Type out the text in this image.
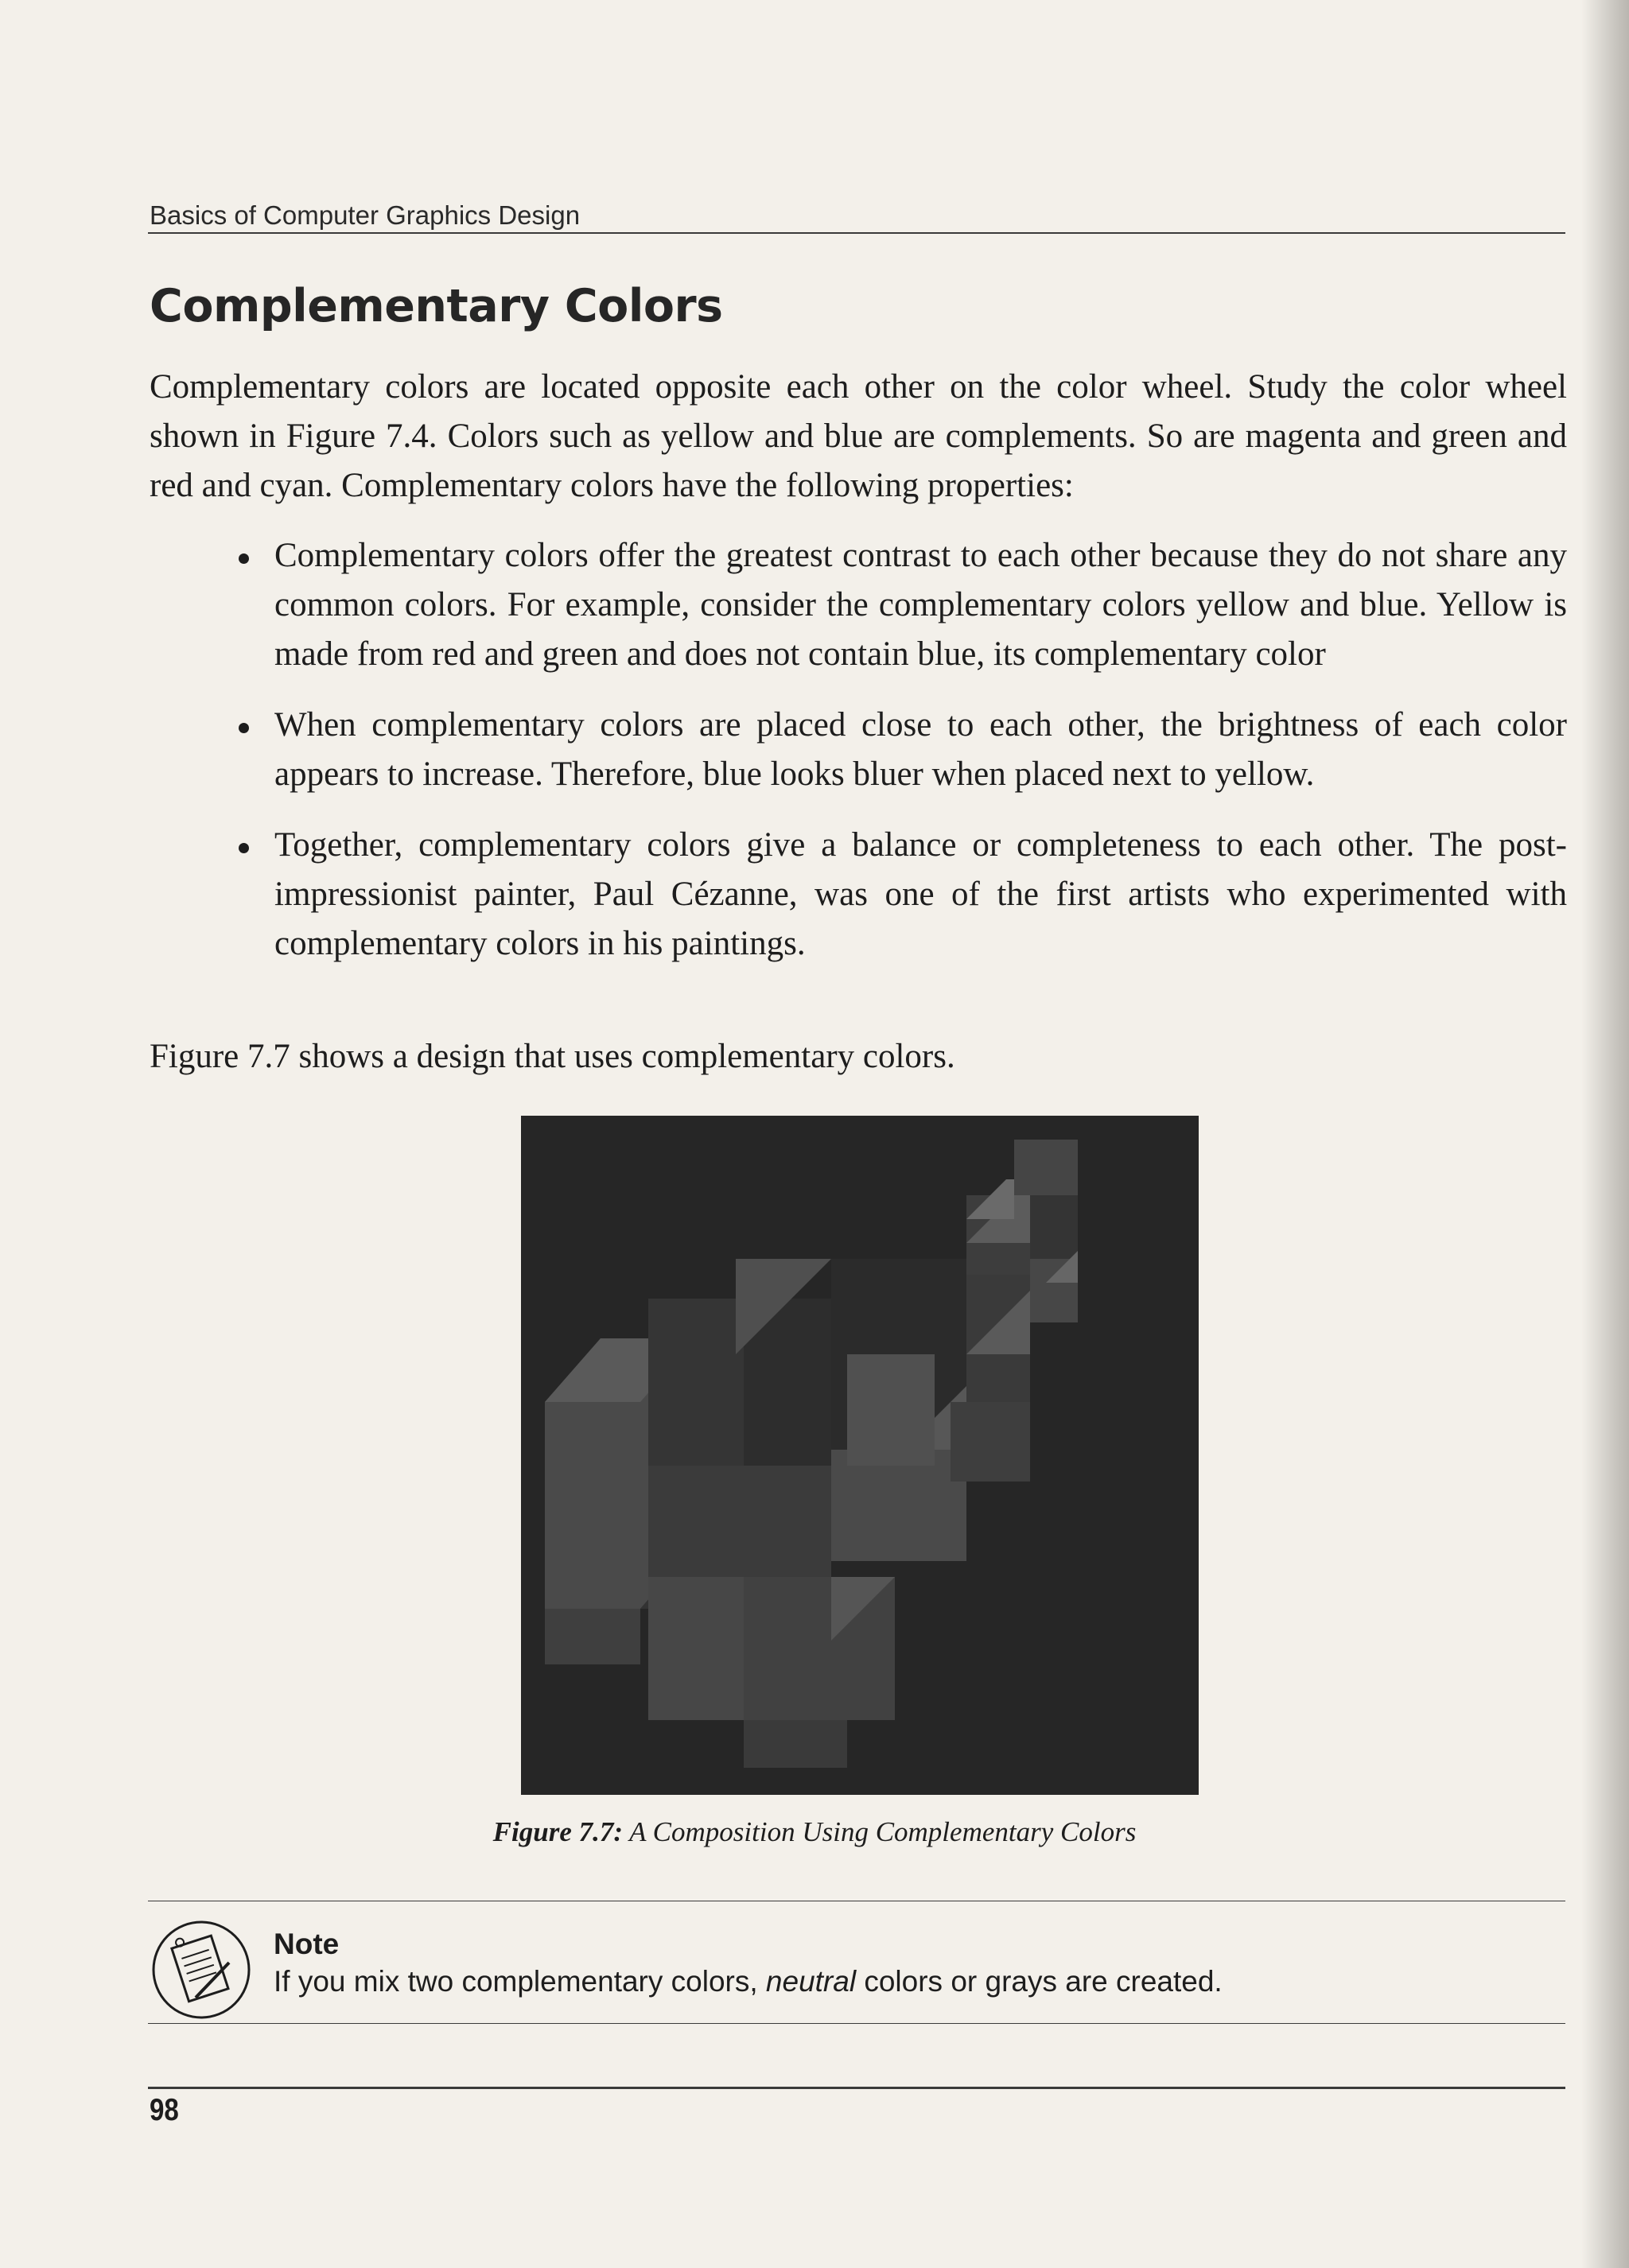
Basics of Computer Graphics Design
Complementary Colors

Complementary colors are located opposite each other on the color wheel. Study the color wheel shown in Figure 7.4. Colors such as yellow and blue are complements. So are magenta and green and red and cyan. Complementary colors have the following properties:

Complementary colors offer the greatest contrast to each other because they do not share any common colors. For example, consider the complementary colors yellow and blue. Yellow is made from red and green and does not contain blue, its complementary color
When complementary colors are placed close to each other, the brightness of each color appears to increase. Therefore, blue looks bluer when placed next to yellow.
Together, complementary colors give a balance or completeness to each other. The post-impressionist painter, Paul Cézanne, was one of the first artists who experimented with complementary colors in his paintings.

Figure 7.7 shows a design that uses complementary colors.

Figure 7.7: A Composition Using Complementary Colors
Note
If you mix two complementary colors, neutral colors or grays are created.
98
